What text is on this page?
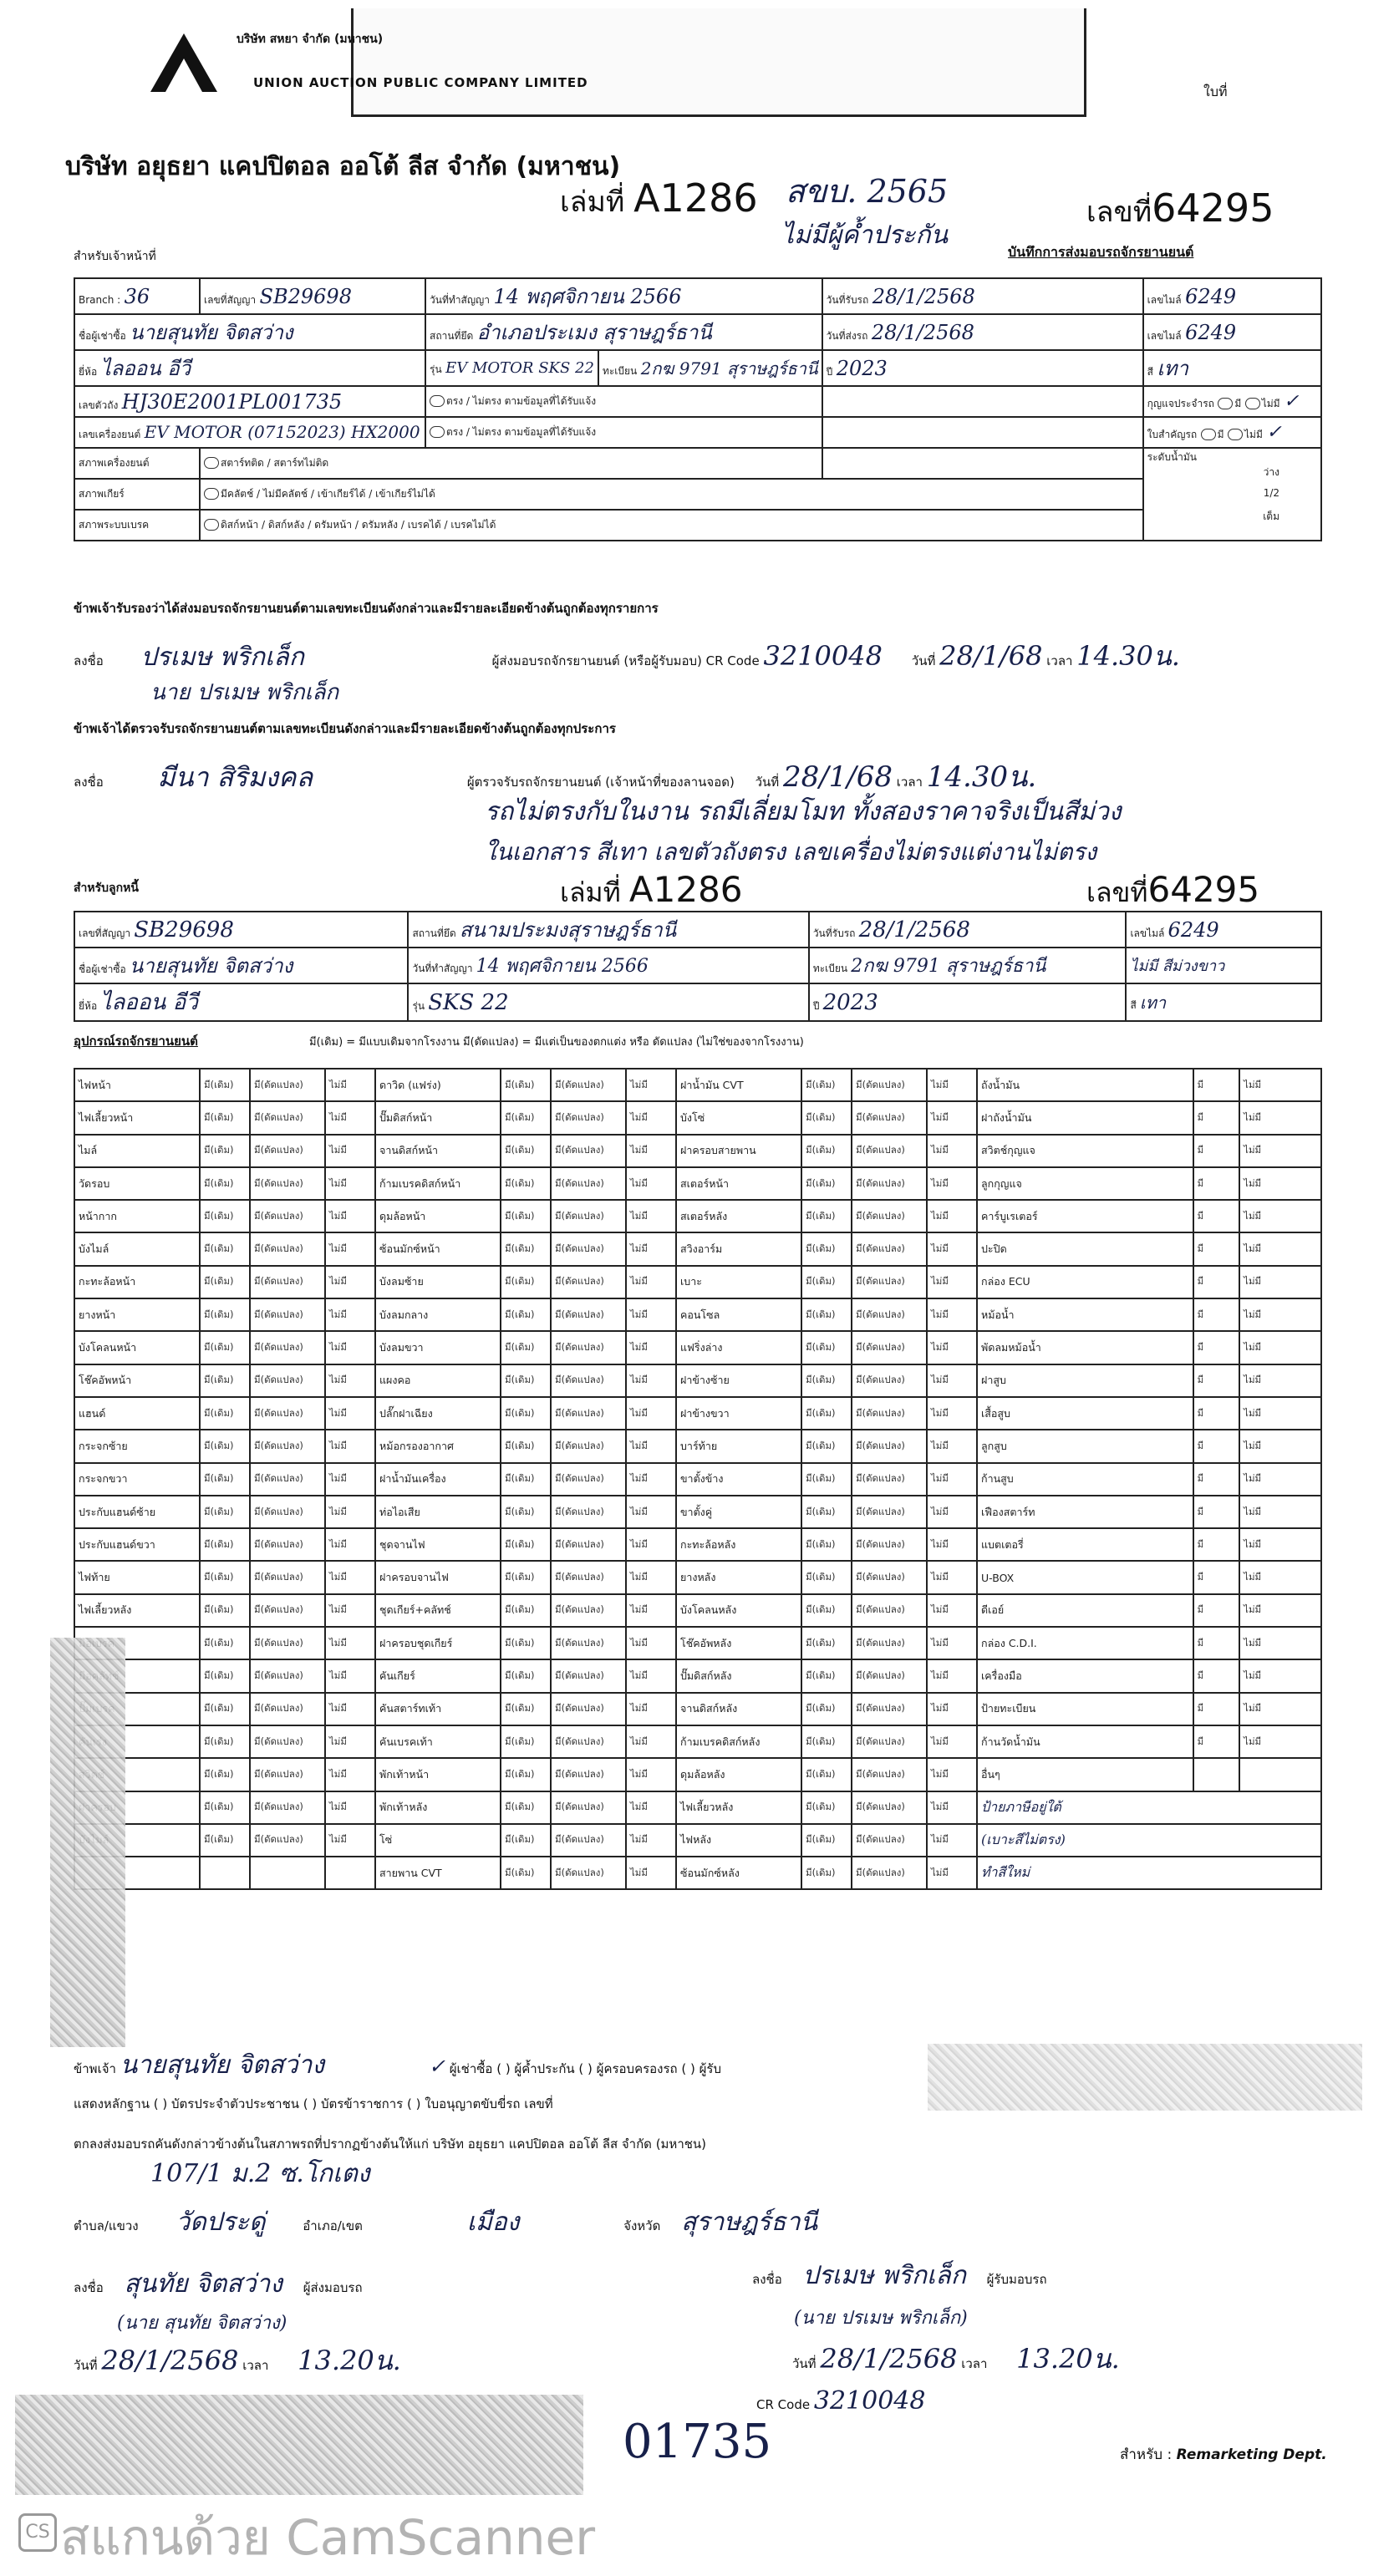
บริษัท สหยา จำกัด (มหาชน)
UNION AUCTION PUBLIC COMPANY LIMITED
ใบที่
บริษัท อยุธยา แคปปิตอล ออโต้ ลีส จำกัด (มหาชน)
เล่มที่ A1286 สขบ. 2565
ไม่มีผู้ค้ำประกัน
เลขที่64295
บันทึกการส่งมอบรถจักรยานยนต์
สำหรับเจ้าหน้าที่
Branch : 36	เลขที่สัญญา SB29698	วันที่ทำสัญญา 14 พฤศจิกายน 2566		วันที่รับรถ 28/1/2568	เลขไมล์ 6249
ชื่อผู้เช่าซื้อ นายสุนทัย จิตสว่าง		สถานที่ยึด อำเภอประเมง สุราษฎร์ธานี		วันที่ส่งรถ 28/1/2568	เลขไมล์ 6249
ยี่ห้อ ไลออน อีวี		รุ่น EV MOTOR SKS 22	ทะเบียน 2กฆ 9791 สุราษฎร์ธานี	ปี 2023	สี เทา
เลขตัวถัง HJ30E2001PL001735		ตรง / ไม่ตรง ตามข้อมูลที่ได้รับแจ้ง			กุญแจประจำรถ มี ไม่มี ✓
เลขเครื่องยนต์ EV MOTOR (07152023) HX2000		ตรง / ไม่ตรง ตามข้อมูลที่ได้รับแจ้ง			ใบสำคัญรถ มี ไม่มี ✓
สภาพเครื่องยนต์	สตาร์ทติด / สตาร์ทไม่ติด				ระดับน้ำมัน
ว่าง

1/2

เต็ม

สภาพเกียร์	มีคลัตช์ / ไม่มีคลัตช์ / เข้าเกียร์ได้ / เข้าเกียร์ไม่ได้				
สภาพระบบเบรค	ดิสก์หน้า / ดิสก์หลัง / ดรัมหน้า / ดรัมหลัง / เบรคได้ / เบรคไม่ได้				
ข้าพเจ้ารับรองว่าได้ส่งมอบรถจักรยานยนต์ตามเลขทะเบียนดังกล่าวและมีรายละเอียดข้างต้นถูกต้องทุกรายการ
ลงชื่อ ปรเมษ พริกเล็ก	ผู้ส่งมอบรถจักรยานยนต์ (หรือผู้รับมอบ) CR Code 3210048 วันที่ 28/1/68 เวลา 14.30น.
นาย ปรเมษ พริกเล็ก
ข้าพเจ้าได้ตรวจรับรถจักรยานยนต์ตามเลขทะเบียนดังกล่าวและมีรายละเอียดข้างต้นถูกต้องทุกประการ
ลงชื่อ มีนา สิริมงคล	ผู้ตรวจรับรถจักรยานยนต์ (เจ้าหน้าที่ของลานจอด) วันที่ 28/1/68 เวลา 14.30น.
รถไม่ตรงกับในงาน รถมีเลี่ยมโมท ทั้งสองราคาจริงเป็นสีม่วง
ในเอกสาร สีเทา เลขตัวถังตรง เลขเครื่องไม่ตรงแต่งานไม่ตรง
สำหรับลูกหนี้	เล่มที่ A1286	เลขที่64295
เลขที่สัญญา SB29698	สถานที่ยึด สนามประมงสุราษฎร์ธานี	วันที่รับรถ 28/1/2568	เลขไมล์ 6249
ชื่อผู้เช่าซื้อ นายสุนทัย จิตสว่าง	วันที่ทำสัญญา 14 พฤศจิกายน 2566	ทะเบียน 2กฆ 9791 สุราษฎร์ธานี	ไม่มี สีม่วงขาว
ยี่ห้อ ไลออน อีวี	รุ่น SKS 22	ปี 2023	สี เทา
อุปกรณ์รถจักรยานยนต์	มี(เดิม) = มีแบบเดิมจากโรงงาน มี(ดัดแปลง) = มีแต่เป็นของตกแต่ง หรือ ดัดแปลง (ไม่ใช่ของจากโรงงาน)
ไฟหน้า	มี(เดิม)	มี(ดัดแปลง)	ไม่มี	ดาวิด (แฟร่ง)	มี(เดิม)	มี(ดัดแปลง)	ไม่มี	ฝาน้ำมัน CVT	มี(เดิม)	มี(ดัดแปลง)	ไม่มี	ถังน้ำมัน	มี	ไม่มี
ไฟเลี้ยวหน้า	มี(เดิม)	มี(ดัดแปลง)	ไม่มี	ปั๊มดิสก์หน้า	มี(เดิม)	มี(ดัดแปลง)	ไม่มี	บังโซ่	มี(เดิม)	มี(ดัดแปลง)	ไม่มี	ฝาถังน้ำมัน	มี	ไม่มี
ไมล์	มี(เดิม)	มี(ดัดแปลง)	ไม่มี	จานดิสก์หน้า	มี(เดิม)	มี(ดัดแปลง)	ไม่มี	ฝาครอบสายพาน	มี(เดิม)	มี(ดัดแปลง)	ไม่มี	สวิตช์กุญแจ	มี	ไม่มี
วัดรอบ	มี(เดิม)	มี(ดัดแปลง)	ไม่มี	ก้ามเบรคดิสก์หน้า	มี(เดิม)	มี(ดัดแปลง)	ไม่มี	สเตอร์หน้า	มี(เดิม)	มี(ดัดแปลง)	ไม่มี	ลูกกุญแจ	มี	ไม่มี
หน้ากาก	มี(เดิม)	มี(ดัดแปลง)	ไม่มี	ดุมล้อหน้า	มี(เดิม)	มี(ดัดแปลง)	ไม่มี	สเตอร์หลัง	มี(เดิม)	มี(ดัดแปลง)	ไม่มี	คาร์บูเรเตอร์	มี	ไม่มี
บังไมล์	มี(เดิม)	มี(ดัดแปลง)	ไม่มี	ซ้อนมักซ์หน้า	มี(เดิม)	มี(ดัดแปลง)	ไม่มี	สวิงอาร์ม	มี(เดิม)	มี(ดัดแปลง)	ไม่มี	ปะปิด	มี	ไม่มี
กะทะล้อหน้า	มี(เดิม)	มี(ดัดแปลง)	ไม่มี	บังลมซ้าย	มี(เดิม)	มี(ดัดแปลง)	ไม่มี	เบาะ	มี(เดิม)	มี(ดัดแปลง)	ไม่มี	กล่อง ECU	มี	ไม่มี
ยางหน้า	มี(เดิม)	มี(ดัดแปลง)	ไม่มี	บังลมกลาง	มี(เดิม)	มี(ดัดแปลง)	ไม่มี	คอนโซล	มี(เดิม)	มี(ดัดแปลง)	ไม่มี	หม้อน้ำ	มี	ไม่มี
บังโคลนหน้า	มี(เดิม)	มี(ดัดแปลง)	ไม่มี	บังลมขวา	มี(เดิม)	มี(ดัดแปลง)	ไม่มี	แฟริ่งล่าง	มี(เดิม)	มี(ดัดแปลง)	ไม่มี	พัดลมหม้อน้ำ	มี	ไม่มี
โช๊คอัพหน้า	มี(เดิม)	มี(ดัดแปลง)	ไม่มี	แผงคอ	มี(เดิม)	มี(ดัดแปลง)	ไม่มี	ฝาข้างซ้าย	มี(เดิม)	มี(ดัดแปลง)	ไม่มี	ฝาสูบ	มี	ไม่มี
แฮนด์	มี(เดิม)	มี(ดัดแปลง)	ไม่มี	ปลั๊กฝาเฉียง	มี(เดิม)	มี(ดัดแปลง)	ไม่มี	ฝาข้างขวา	มี(เดิม)	มี(ดัดแปลง)	ไม่มี	เสื้อสูบ	มี	ไม่มี
กระจกซ้าย	มี(เดิม)	มี(ดัดแปลง)	ไม่มี	หม้อกรองอากาศ	มี(เดิม)	มี(ดัดแปลง)	ไม่มี	บาร์ท้าย	มี(เดิม)	มี(ดัดแปลง)	ไม่มี	ลูกสูบ	มี	ไม่มี
กระจกขวา	มี(เดิม)	มี(ดัดแปลง)	ไม่มี	ฝาน้ำมันเครื่อง	มี(เดิม)	มี(ดัดแปลง)	ไม่มี	ขาตั้งข้าง	มี(เดิม)	มี(ดัดแปลง)	ไม่มี	ก้านสูบ	มี	ไม่มี
ประกับแฮนด์ซ้าย	มี(เดิม)	มี(ดัดแปลง)	ไม่มี	ท่อไอเสีย	มี(เดิม)	มี(ดัดแปลง)	ไม่มี	ขาตั้งคู่	มี(เดิม)	มี(ดัดแปลง)	ไม่มี	เฟืองสตาร์ท	มี	ไม่มี
ประกับแฮนด์ขวา	มี(เดิม)	มี(ดัดแปลง)	ไม่มี	ชุดจานไฟ	มี(เดิม)	มี(ดัดแปลง)	ไม่มี	กะทะล้อหลัง	มี(เดิม)	มี(ดัดแปลง)	ไม่มี	แบตเตอรี่	มี	ไม่มี
ไฟท้าย	มี(เดิม)	มี(ดัดแปลง)	ไม่มี	ฝาครอบจานไฟ	มี(เดิม)	มี(ดัดแปลง)	ไม่มี	ยางหลัง	มี(เดิม)	มี(ดัดแปลง)	ไม่มี	U-BOX	มี	ไม่มี
ไฟเลี้ยวหลัง	มี(เดิม)	มี(ดัดแปลง)	ไม่มี	ชุดเกียร์+คลัทช์	มี(เดิม)	มี(ดัดแปลง)	ไม่มี	บังโคลนหลัง	มี(เดิม)	มี(ดัดแปลง)	ไม่มี	ดีเอย์	มี	ไม่มี
	มี(เดิม)	มี(ดัดแปลง)	ไม่มี	ฝาครอบชุดเกียร์	มี(เดิม)	มี(ดัดแปลง)	ไม่มี	โช๊คอัพหลัง	มี(เดิม)	มี(ดัดแปลง)	ไม่มี	กล่อง C.D.I.	มี	ไม่มี
	มี(เดิม)	มี(ดัดแปลง)	ไม่มี	คันเกียร์	มี(เดิม)	มี(ดัดแปลง)	ไม่มี	ปั๊มดิสก์หลัง	มี(เดิม)	มี(ดัดแปลง)	ไม่มี	เครื่องมือ	มี	ไม่มี
	มี(เดิม)	มี(ดัดแปลง)	ไม่มี	คันสตาร์ทเท้า	มี(เดิม)	มี(ดัดแปลง)	ไม่มี	จานดิสก์หลัง	มี(เดิม)	มี(ดัดแปลง)	ไม่มี	ป้ายทะเบียน	มี	ไม่มี
	มี(เดิม)	มี(ดัดแปลง)	ไม่มี	คันเบรคเท้า	มี(เดิม)	มี(ดัดแปลง)	ไม่มี	ก้ามเบรคดิสก์หลัง	มี(เดิม)	มี(ดัดแปลง)	ไม่มี	ก้านวัดน้ำมัน	มี	ไม่มี
	มี(เดิม)	มี(ดัดแปลง)	ไม่มี	พักเท้าหน้า	มี(เดิม)	มี(ดัดแปลง)	ไม่มี	ดุมล้อหลัง	มี(เดิม)	มี(ดัดแปลง)	ไม่มี	อื่นๆ		
	มี(เดิม)	มี(ดัดแปลง)	ไม่มี	พักเท้าหลัง	มี(เดิม)	มี(ดัดแปลง)	ไม่มี	ไฟเลี้ยวหลัง	มี(เดิม)	มี(ดัดแปลง)	ไม่มี	ป้ายภาษีอยู่ใต้		
	มี(เดิม)	มี(ดัดแปลง)	ไม่มี	โซ่	มี(เดิม)	มี(ดัดแปลง)	ไม่มี	ไฟหลัง	มี(เดิม)	มี(ดัดแปลง)	ไม่มี	(เบาะสีไม่ตรง)		
				สายพาน CVT	มี(เดิม)	มี(ดัดแปลง)	ไม่มี	ซ้อนมักซ์หลัง	มี(เดิม)	มี(ดัดแปลง)	ไม่มี	ทำสีใหม่		
ข้าพเจ้า นายสุนทัย จิตสว่าง	✓ ผู้เช่าซื้อ ( ) ผู้ค้ำประกัน ( ) ผู้ครอบครองรถ ( ) ผู้รับ
แสดงหลักฐาน ( ) บัตรประจำตัวประชาชน ( ) บัตรข้าราชการ ( ) ใบอนุญาตขับขี่รถ เลขที่
ตกลงส่งมอบรถคันดังกล่าวข้างต้นในสภาพรถที่ปรากฏข้างต้นให้แก่ บริษัท อยุธยา แคปปิตอล ออโต้ ลีส จำกัด (มหาชน)
107/1 ม.2 ซ.โกเตง
ตำบล/แขวง วัดประดู่	อำเภอ/เขต	เมือง	จังหวัด สุราษฎร์ธานี
ลงชื่อ สุนทัย จิตสว่าง ผู้ส่งมอบรถ
(นาย สุนทัย จิตสว่าง)
วันที่ 28/1/2568 เวลา 13.20น.
ลงชื่อ ปรเมษ พริกเล็ก ผู้รับมอบรถ
(นาย ปรเมษ พริกเล็ก)
วันที่ 28/1/2568 เวลา 13.20น.
CR Code 3210048
01735	สำหรับ : Remarketing Dept.
CS สแกนด้วย CamScanner
